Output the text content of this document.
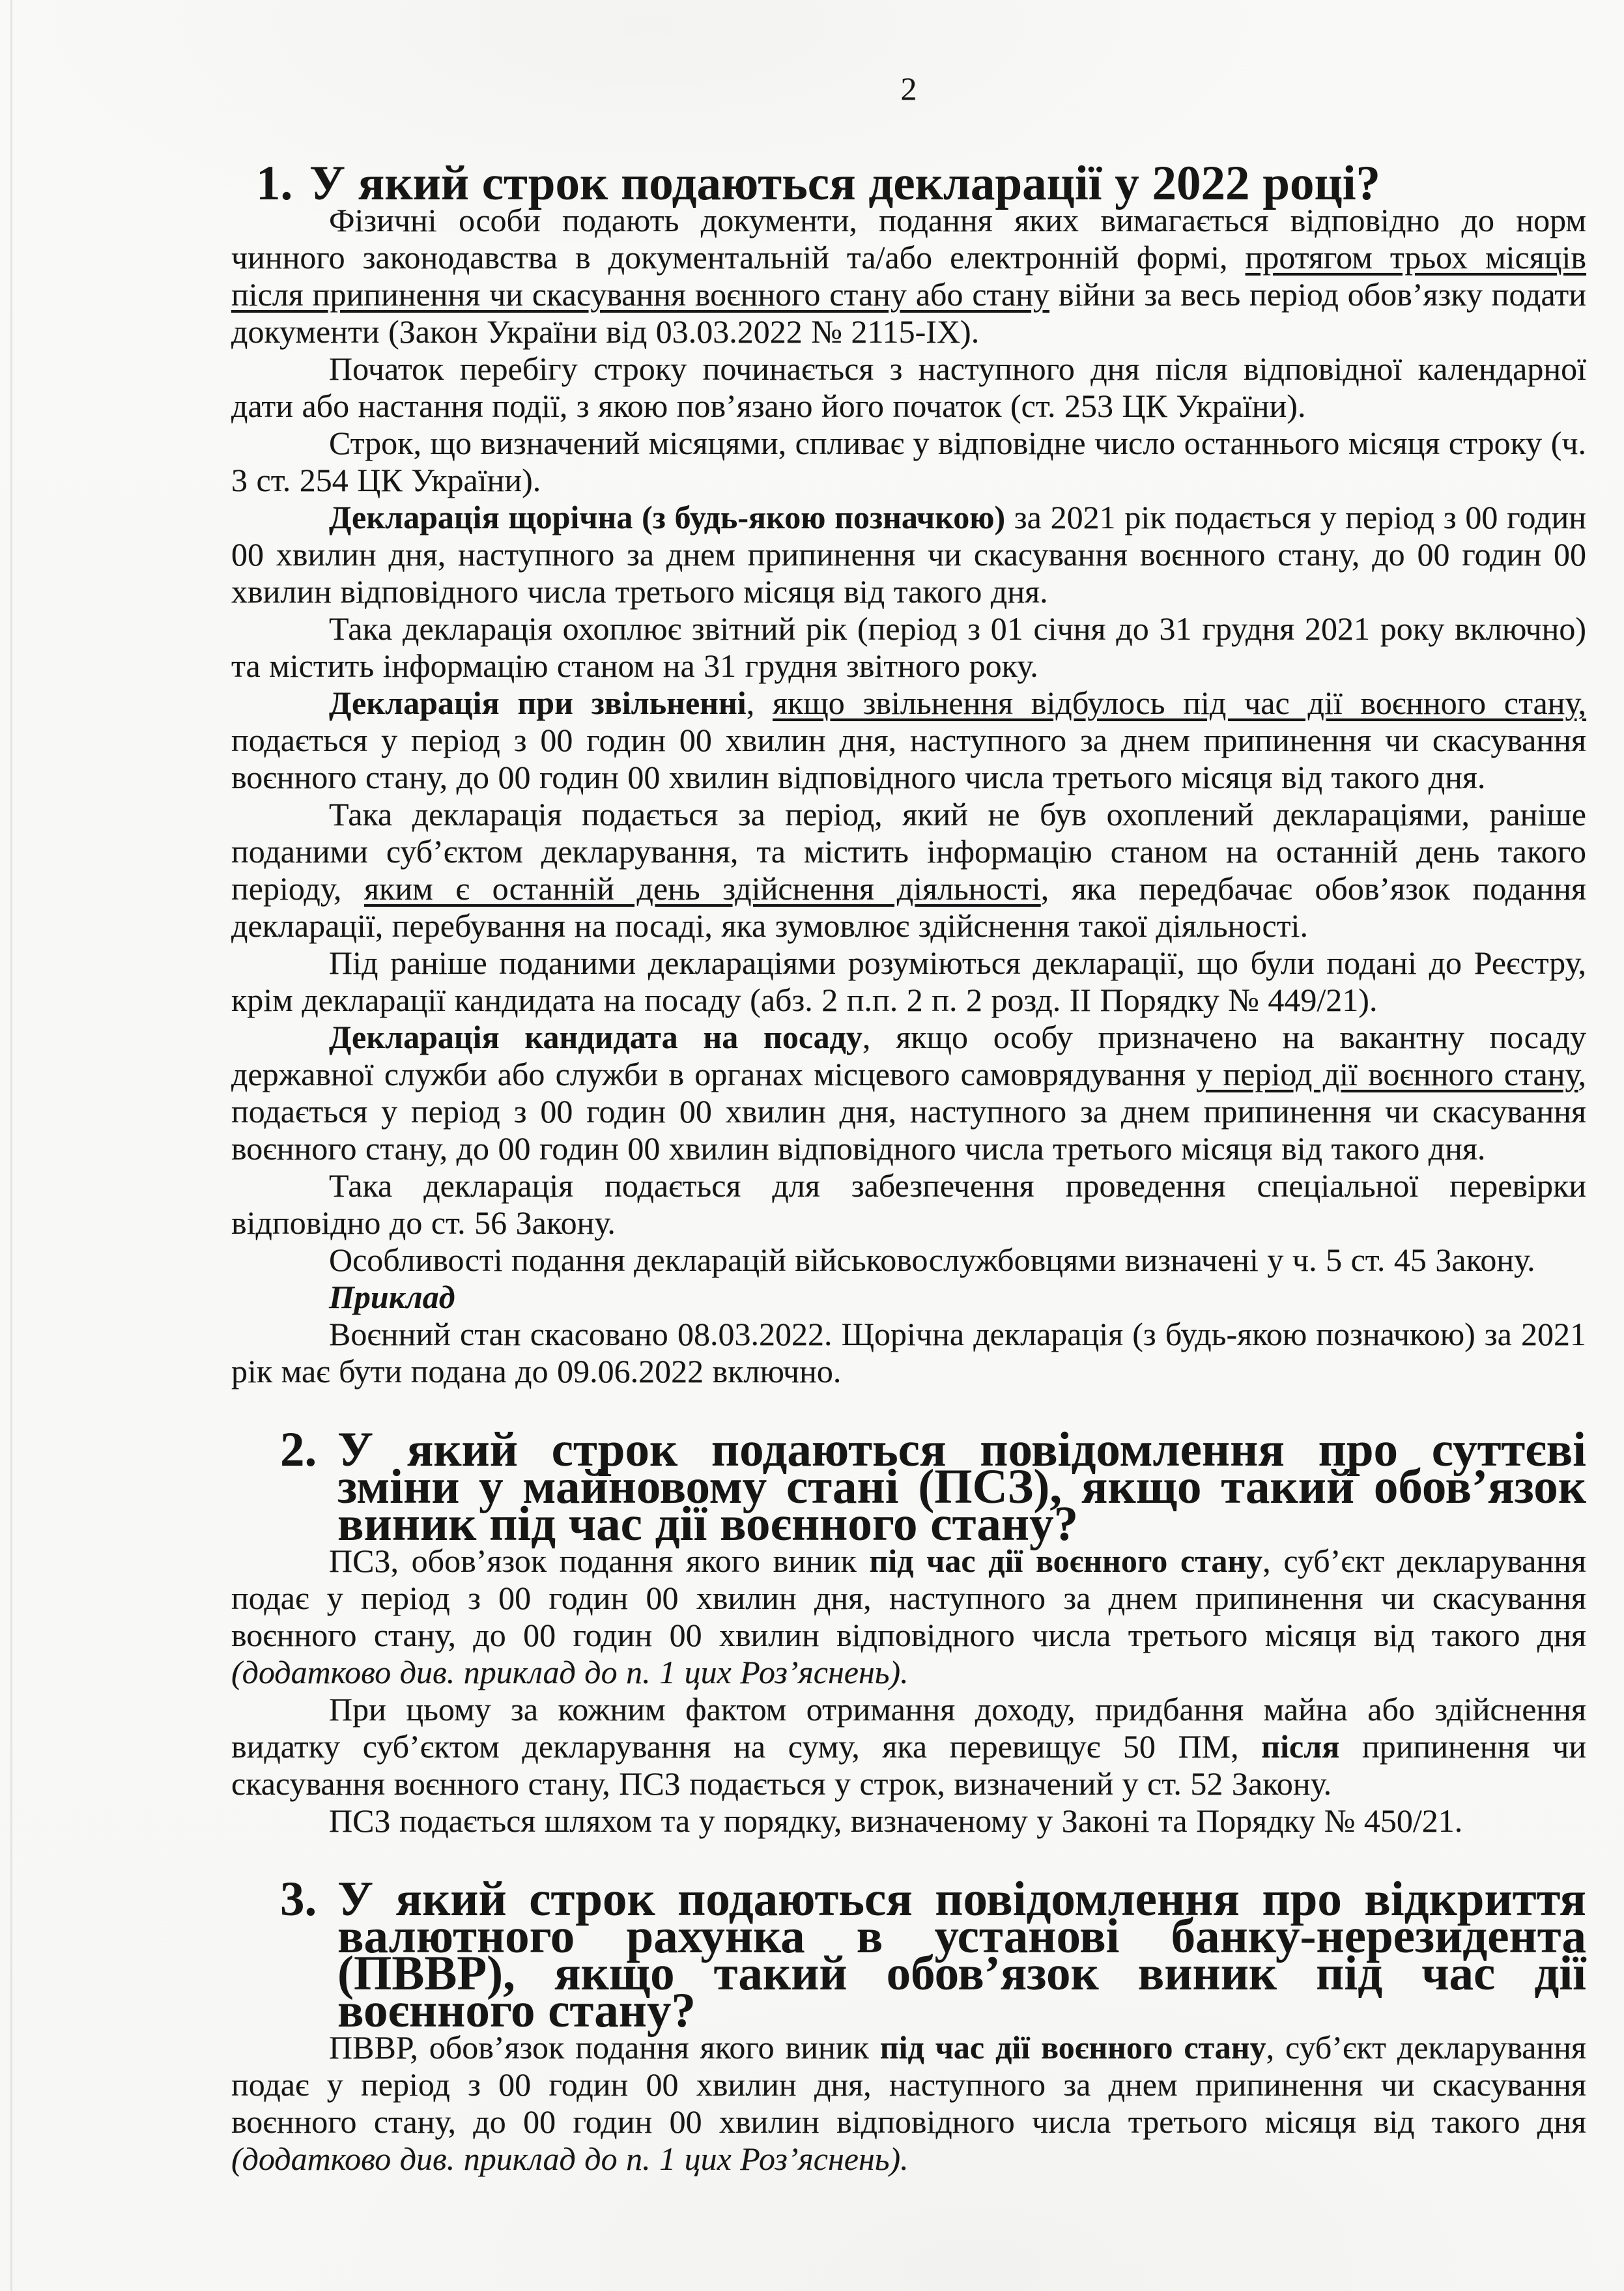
2
1. У який строк подаються декларації у 2022 році?

Фізичні особи подають документи, подання яких вимагається відповідно до норм чинного законодавства в документальній та/або електронній формі, протягом трьох місяців після припинення чи скасування воєнного стану або стану війни за весь період обов’язку подати документи (Закон України від 03.03.2022 № 2115-IX).

Початок перебігу строку починається з наступного дня після відповідної календарної дати або настання події, з якою пов’язано його початок (ст. 253 ЦК України).

Строк, що визначений місяцями, спливає у відповідне число останнього місяця строку (ч. 3 ст. 254 ЦК України).

Декларація щорічна (з будь-якою позначкою) за 2021 рік подається у період з 00 годин 00 хвилин дня, наступного за днем припинення чи скасування воєнного стану, до 00 годин 00 хвилин відповідного числа третього місяця від такого дня.

Така декларація охоплює звітний рік (період з 01 січня до 31 грудня 2021 року включно) та містить інформацію станом на 31 грудня звітного року.

Декларація при звільненні, якщо звільнення відбулось під час дії воєнного стану, подається у період з 00 годин 00 хвилин дня, наступного за днем припинення чи скасування воєнного стану, до 00 годин 00 хвилин відповідного числа третього місяця від такого дня.

Така декларація подається за період, який не був охоплений деклараціями, раніше поданими суб’єктом декларування, та містить інформацію станом на останній день такого періоду, яким є останній день здійснення діяльності, яка передбачає обов’язок подання декларації, перебування на посаді, яка зумовлює здійснення такої діяльності.

Під раніше поданими деклараціями розуміються декларації, що були подані до Реєстру, крім декларації кандидата на посаду (абз. 2 п.п. 2 п. 2 розд. II Порядку № 449/21).

Декларація кандидата на посаду, якщо особу призначено на вакантну посаду державної служби або служби в органах місцевого самоврядування у період дії воєнного стану, подається у період з 00 годин 00 хвилин дня, наступного за днем припинення чи скасування воєнного стану, до 00 годин 00 хвилин відповідного числа третього місяця від такого дня.

Така декларація подається для забезпечення проведення спеціальної перевірки відповідно до ст. 56 Закону.

Особливості подання декларацій військовослужбовцями визначені у ч. 5 ст. 45 Закону.

Приклад

Воєнний стан скасовано 08.03.2022. Щорічна декларація (з будь-якою позначкою) за 2021 рік має бути подана до 09.06.2022 включно.

2. У який строк подаються повідомлення про суттєві зміни у майновому стані (ПСЗ), якщо такий обов’язок виник під час дії воєнного стану?

ПСЗ, обов’язок подання якого виник під час дії воєнного стану, суб’єкт декларування подає у період з 00 годин 00 хвилин дня, наступного за днем припинення чи скасування воєнного стану, до 00 годин 00 хвилин відповідного числа третього місяця від такого дня (додатково див. приклад до п. 1 цих Роз’яснень).

При цьому за кожним фактом отримання доходу, придбання майна або здійснення видатку суб’єктом декларування на суму, яка перевищує 50 ПМ, після припинення чи скасування воєнного стану, ПСЗ подається у строк, визначений у ст. 52 Закону.

ПСЗ подається шляхом та у порядку, визначеному у Законі та Порядку № 450/21.

3. У який строк подаються повідомлення про відкриття валютного рахунка в установі банку-нерезидента (ПВВР), якщо такий обов’язок виник під час дії воєнного стану?

ПВВР, обов’язок подання якого виник під час дії воєнного стану, суб’єкт декларування подає у період з 00 годин 00 хвилин дня, наступного за днем припинення чи скасування воєнного стану, до 00 годин 00 хвилин відповідного числа третього місяця від такого дня (додатково див. приклад до п. 1 цих Роз’яснень).
